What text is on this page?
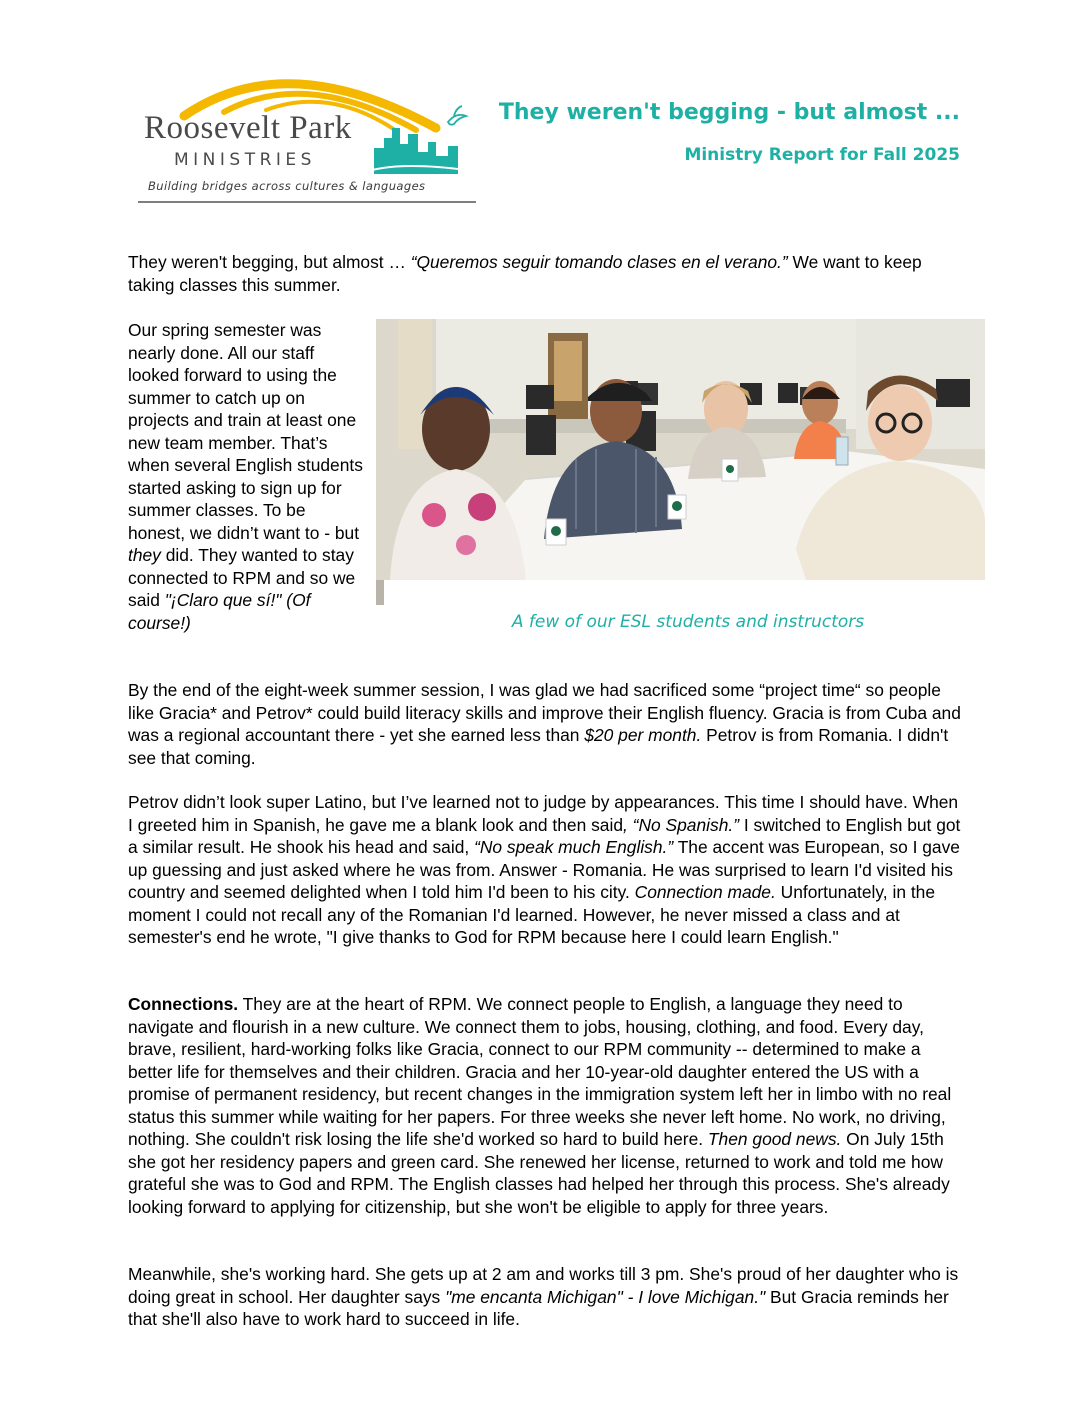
Roosevelt Park
MINISTRIES
Building bridges across cultures & languages
They weren't begging - but almost ...
Ministry Report for Fall 2025
They weren't begging, but almost … “Queremos seguir tomando clases en el verano.” We want to keep taking classes this summer.
Our spring semester was nearly done. All our staff looked forward to using the summer to catch up on projects and train at least one new team member. That’s when several English students started asking to sign up for summer classes. To be honest, we didn’t want to - but they did. They wanted to stay connected to RPM and so we said "¡Claro que sí!" (Of course!)	A few of our ESL students and instructors
By the end of the eight-week summer session, I was glad we had sacrificed some “project time“ so people like Gracia* and Petrov* could build literacy skills and improve their English fluency. Gracia is from Cuba and was a regional accountant there - yet she earned less than $20 per month. Petrov is from Romania. I didn't see that coming.
Petrov didn’t look super Latino, but I’ve learned not to judge by appearances. This time I should have. When I greeted him in Spanish, he gave me a blank look and then said, “No Spanish.” I switched to English but got a similar result. He shook his head and said, “No speak much English.” The accent was European, so I gave up guessing and just asked where he was from. Answer - Romania. He was surprised to learn I'd visited his country and seemed delighted when I told him I'd been to his city. Connection made. Unfortunately, in the moment I could not recall any of the Romanian I'd learned. However, he never missed a class and at semester's end he wrote, "I give thanks to God for RPM because here I could learn English."
Connections. They are at the heart of RPM. We connect people to English, a language they need to navigate and flourish in a new culture. We connect them to jobs, housing, clothing, and food. Every day, brave, resilient, hard-working folks like Gracia, connect to our RPM community -- determined to make a better life for themselves and their children. Gracia and her 10-year-old daughter entered the US with a promise of permanent residency, but recent changes in the immigration system left her in limbo with no real status this summer while waiting for her papers. For three weeks she never left home. No work, no driving, nothing. She couldn't risk losing the life she'd worked so hard to build here. Then good news. On July 15th she got her residency papers and green card. She renewed her license, returned to work and told me how grateful she was to God and RPM. The English classes had helped her through this process. She's already looking forward to applying for citizenship, but she won't be eligible to apply for three years.
Meanwhile, she's working hard. She gets up at 2 am and works till 3 pm. She's proud of her daughter who is doing great in school. Her daughter says "me encanta Michigan" - I love Michigan." But Gracia reminds her that she'll also have to work hard to succeed in life.
